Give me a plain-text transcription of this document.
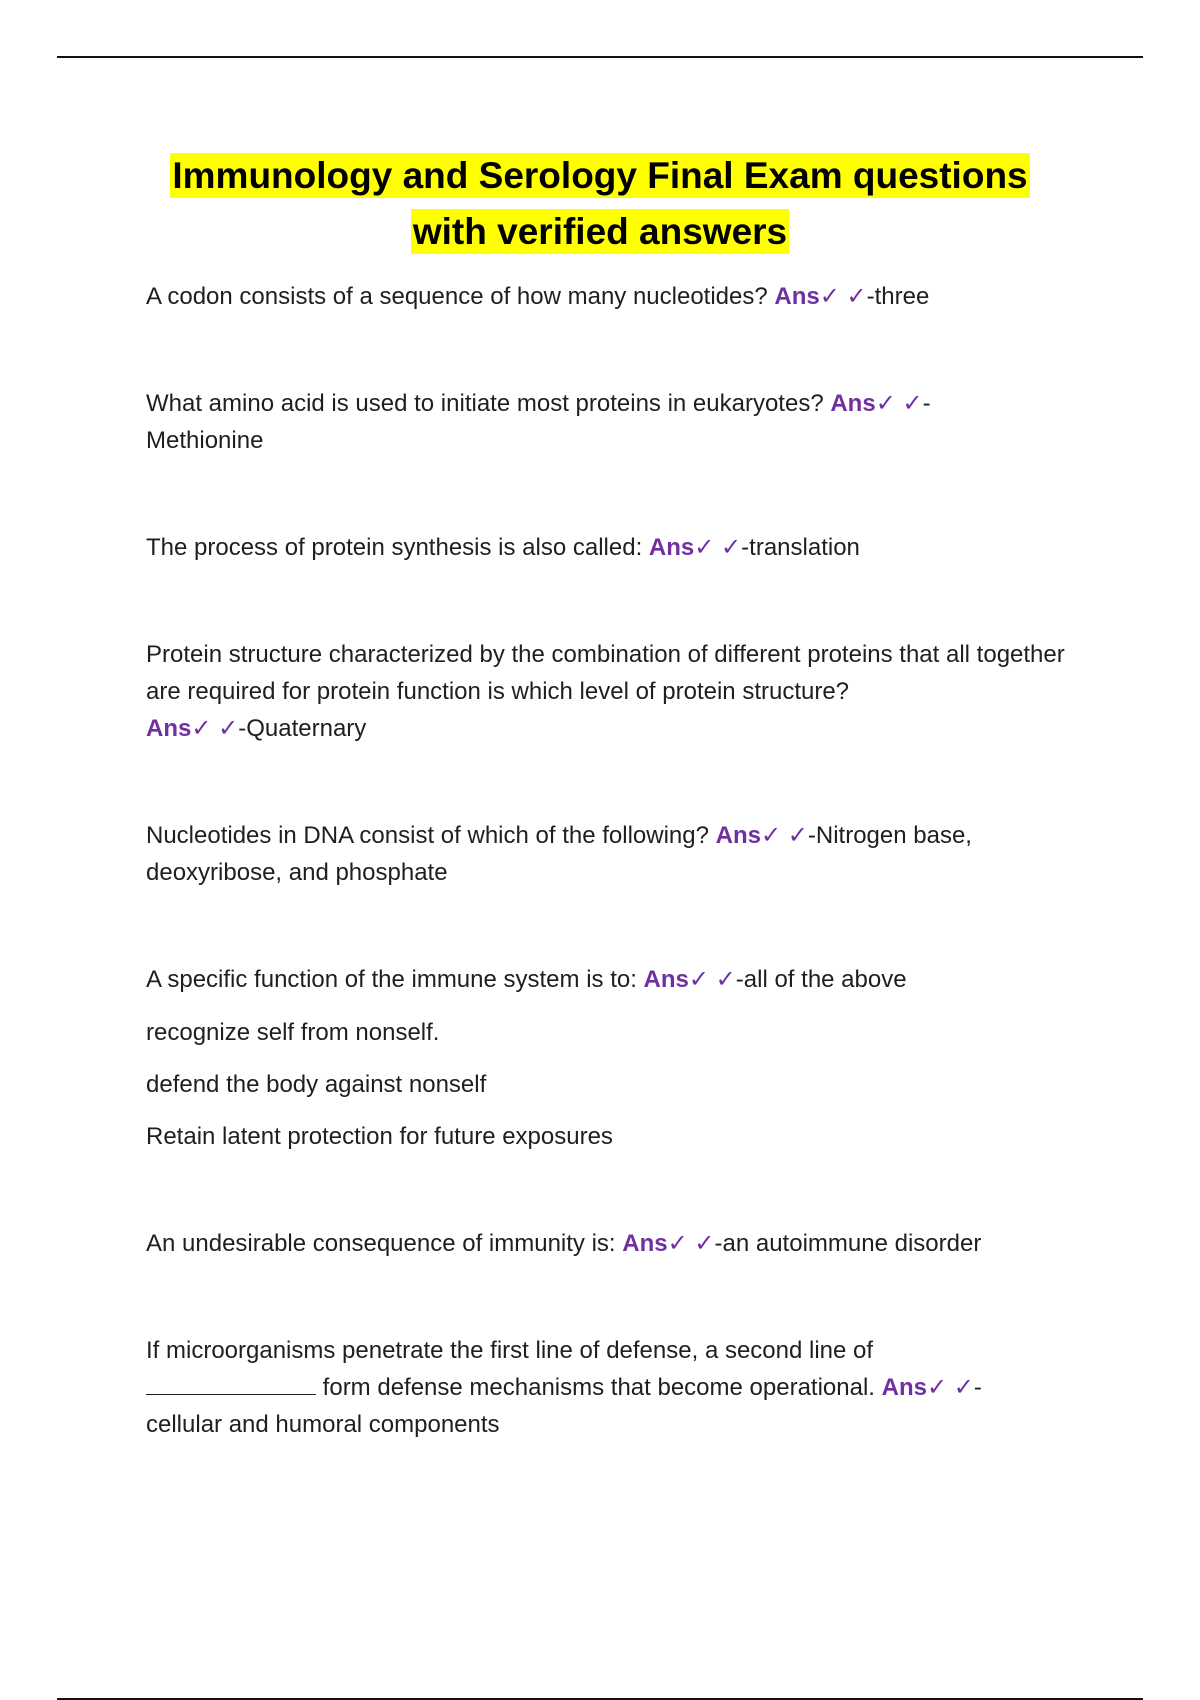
Immunology and Serology Final Exam questions
with verified answers

A codon consists of a sequence of how many nucleotides? Ans✓ ✓-three

What amino acid is used to initiate most proteins in eukaryotes? Ans✓ ✓-
Methionine

The process of protein synthesis is also called: Ans✓ ✓-translation

Protein structure characterized by the combination of different proteins that all together are required for protein function is which level of protein structure?
Ans✓ ✓-Quaternary

Nucleotides in DNA consist of which of the following? Ans✓ ✓-Nitrogen base, deoxyribose, and phosphate

A specific function of the immune system is to: Ans✓ ✓-all of the above

recognize self from nonself.

defend the body against nonself

Retain latent protection for future exposures

An undesirable consequence of immunity is: Ans✓ ✓-an autoimmune disorder

If microorganisms penetrate the first line of defense, a second line of
form defense mechanisms that become operational. Ans✓ ✓-
cellular and humoral components
